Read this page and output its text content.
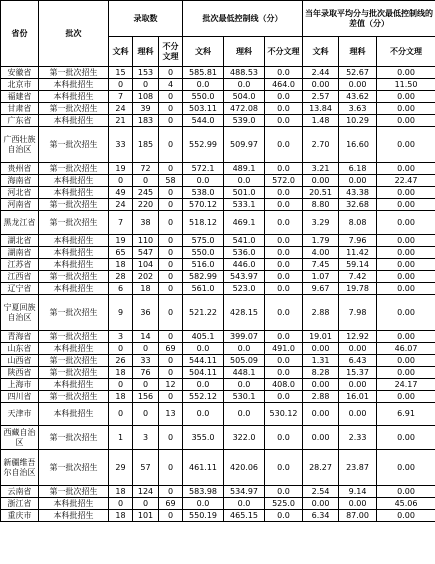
省份	批次	录取数			批次最低控制线（分）			当年录取平均分与批次最低控制线的差值（分）		
		文科	理科	不分文理	文科	理科	不分文理	文科	理科	不分文理
安徽省	第一批次招生	15	153	0	585.81	488.53	0.0	2.44	52.67	0.00
北京市	本科批招生	0	0	4	0.0	0.0	464.0	0.00	0.00	11.50
福建省	本科批招生	7	108	0	550.0	504.0	0.0	2.57	43.62	0.00
甘肃省	第一批次招生	24	39	0	503.11	472.08	0.0	13.84	3.63	0.00
广东省	本科批招生	21	183	0	544.0	539.0	0.0	1.48	10.29	0.00
广西壮族自治区	第一批次招生	33	185	0	552.99	509.97	0.0	2.70	16.60	0.00
贵州省	第一批次招生	19	72	0	572.1	489.1	0.0	3.21	6.18	0.00
海南省	本科批招生	0	0	58	0.0	0.0	572.0	0.00	0.00	22.47
河北省	本科批招生	49	245	0	538.0	501.0	0.0	20.51	43.38	0.00
河南省	第一批次招生	24	220	0	570.12	533.1	0.0	8.80	32.68	0.00
黑龙江省	第一批次招生	7	38	0	518.12	469.1	0.0	3.29	8.08	0.00
湖北省	本科批招生	19	110	0	575.0	541.0	0.0	1.79	7.96	0.00
湖南省	本科批招生	65	547	0	550.0	536.0	0.0	4.00	11.42	0.00
江苏省	本科批招生	18	104	0	516.0	446.0	0.0	7.45	59.14	0.00
江西省	第一批次招生	28	202	0	582.99	543.97	0.0	1.07	7.42	0.00
辽宁省	本科批招生	6	18	0	561.0	523.0	0.0	9.67	19.78	0.00
宁夏回族自治区	第一批次招生	9	36	0	521.22	428.15	0.0	2.88	7.98	0.00
青海省	第一批次招生	3	14	0	405.1	399.07	0.0	19.01	12.92	0.00
山东省	本科批招生	0	0	69	0.0	0.0	491.0	0.00	0.00	46.07
山西省	第一批次招生	26	33	0	544.11	505.09	0.0	1.31	6.43	0.00
陕西省	第一批次招生	18	76	0	504.11	448.1	0.0	8.28	15.37	0.00
上海市	本科批招生	0	0	12	0.0	0.0	408.0	0.00	0.00	24.17
四川省	第一批次招生	18	156	0	552.12	530.1	0.0	2.88	16.01	0.00
天津市	本科批招生	0	0	13	0.0	0.0	530.12	0.00	0.00	6.91
西藏自治区	第一批次招生	1	3	0	355.0	322.0	0.0	0.00	2.33	0.00
新疆维吾尔自治区	第一批次招生	29	57	0	461.11	420.06	0.0	28.27	23.87	0.00
云南省	第一批次招生	18	124	0	583.98	534.97	0.0	2.54	9.14	0.00
浙江省	本科批招生	0	0	69	0.0	0.0	525.0	0.00	0.00	45.06
重庆市	本科批招生	18	101	0	550.19	465.15	0.0	6.34	87.00	0.00
